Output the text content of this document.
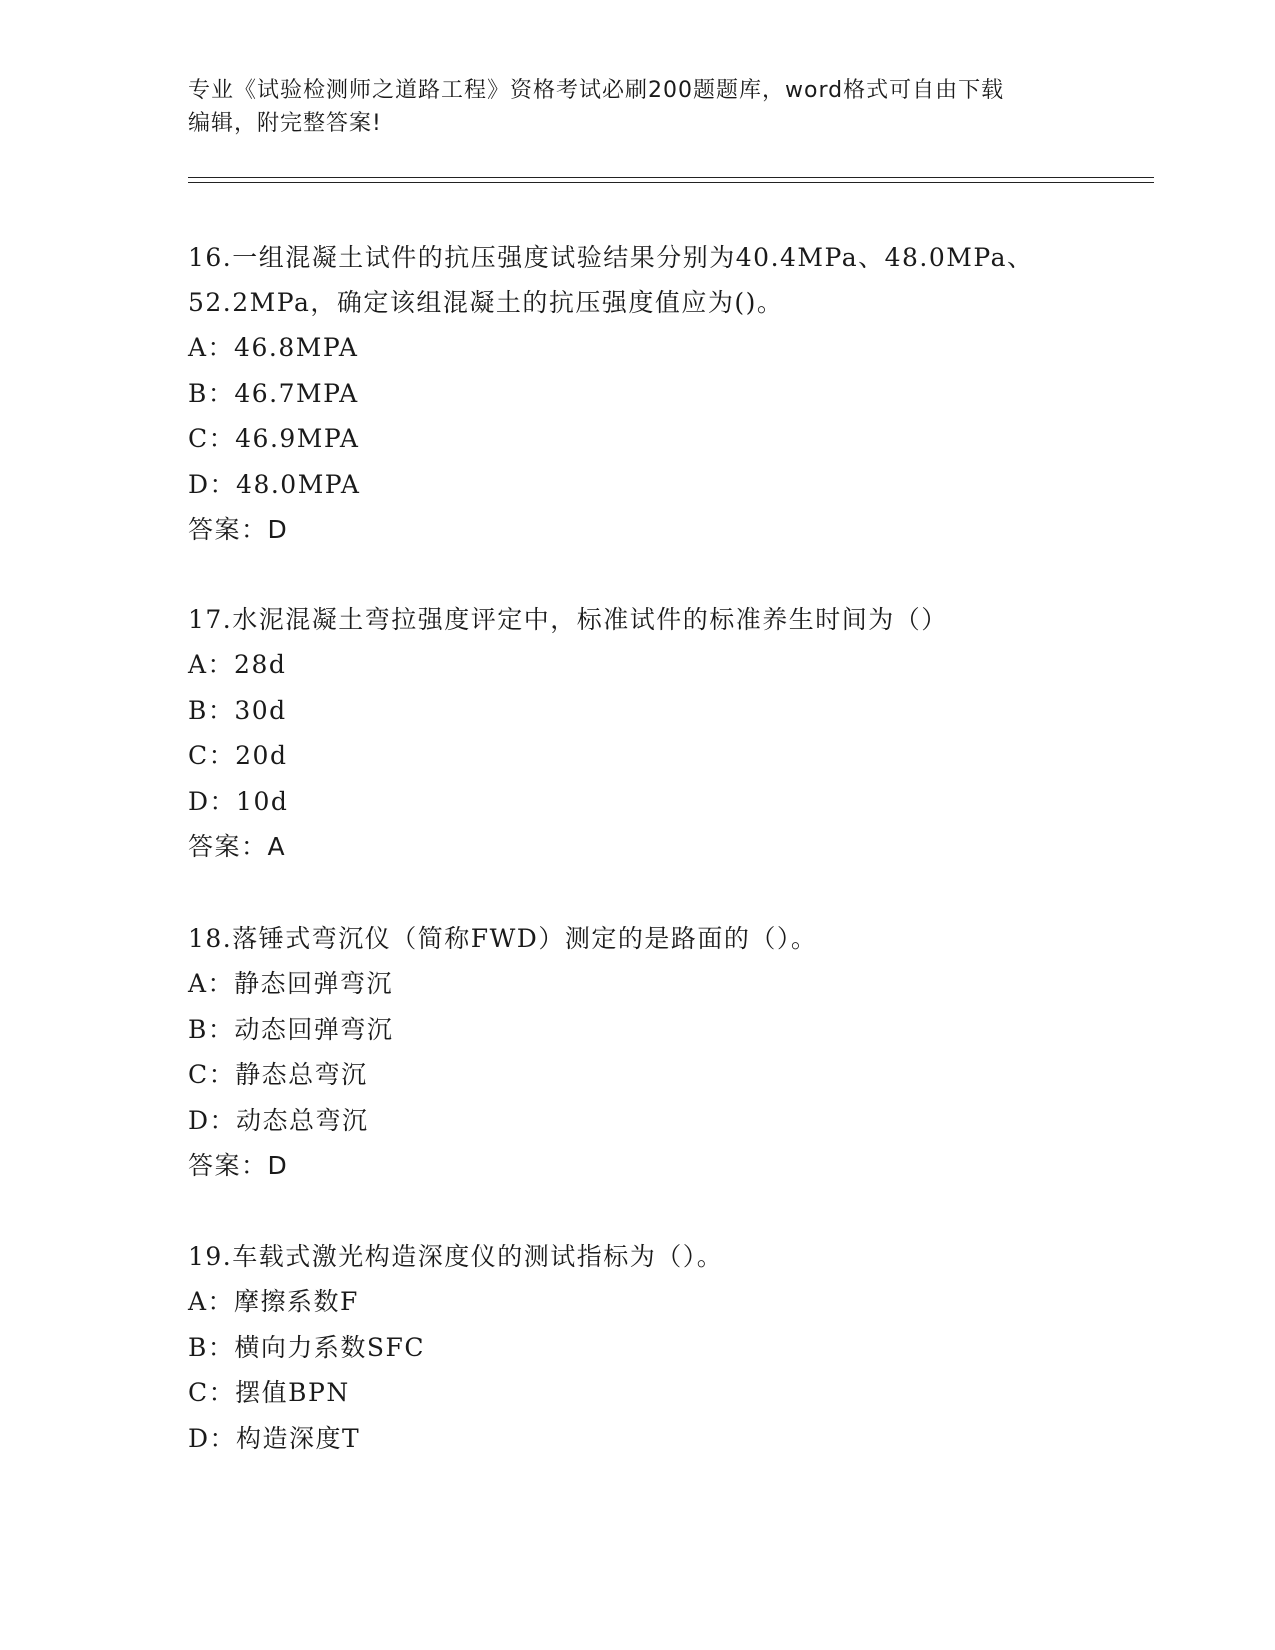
专业《试验检测师之道路工程》资格考试必刷200题题库，word格式可自由下载
编辑，附完整答案!

16.一组混凝土试件的抗压强度试验结果分别为40.4MPa、48.0MPa、

52.2MPa，确定该组混凝土的抗压强度值应为()。

A：46.8MPA

B：46.7MPA

C：46.9MPA

D：48.0MPA

答案：D

17.水泥混凝土弯拉强度评定中，标准试件的标准养生时间为（）

A：28d

B：30d

C：20d

D：10d

答案：A

18.落锤式弯沉仪（简称FWD）测定的是路面的（）。

A：静态回弹弯沉

B：动态回弹弯沉

C：静态总弯沉

D：动态总弯沉

答案：D

19.车载式激光构造深度仪的测试指标为（）。

A：摩擦系数F

B：横向力系数SFC

C：摆值BPN

D：构造深度T
